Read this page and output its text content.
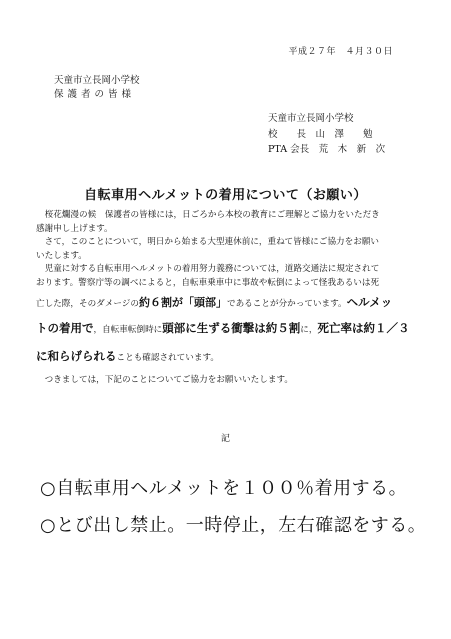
平成２７年　４月３０日
天童市立長岡小学校
保護者の皆様
天童市立長岡小学校
校　　長　山　澤　　勉
PTA 会長　荒　木　新　次
自転車用ヘルメットの着用について（お願い）

桜花爛漫の候　保護者の皆様には，日ごろから本校の教育にご理解とご協力をいただき
感謝申し上げます。

さて，このことについて，明日から始まる大型連休前に，重ねて皆様にご協力をお願い
いたします。

児童に対する自転車用ヘルメットの着用努力義務については，道路交通法に規定されて
おります。警察庁等の調べによると，自転車乗車中に事故や転倒によって怪我あるいは死
亡した際，そのダメージの約６割が「頭部」であることが分かっています。ヘルメッ
トの着用で，自転車転倒時に頭部に生ずる衝撃は約５割に，死亡率は約１／３
に和らげられることも確認されています。

つきましては，下記のことについてご協力をお願いいたします。

記
○自転車用ヘルメットを１００％着用する。
○とび出し禁止。一時停止，左右確認をする。
